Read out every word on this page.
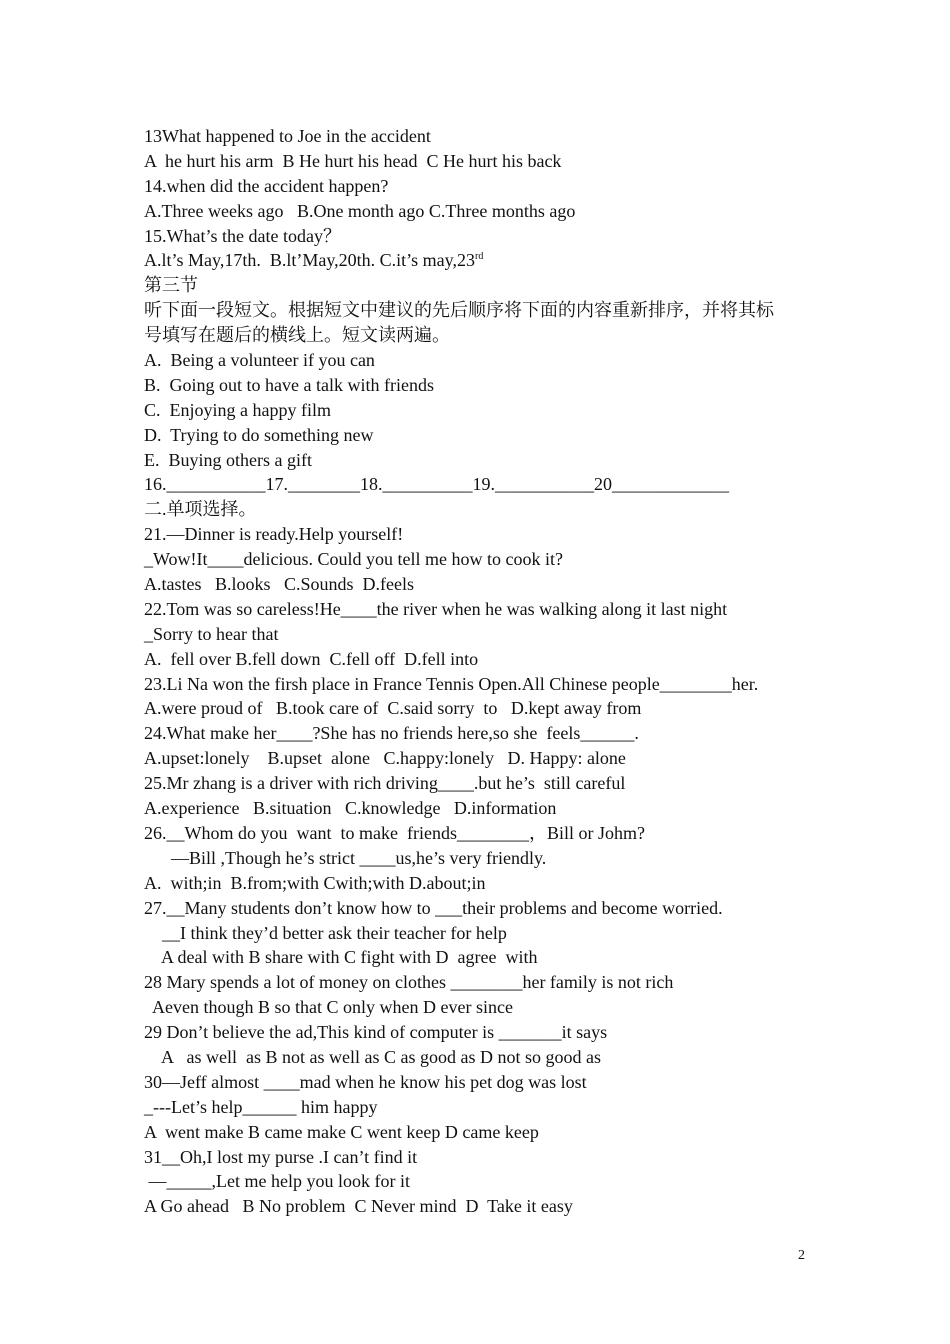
13What happened to Joe in the accident
A  he hurt his arm  B He hurt his head  C He hurt his back
14.when did the accident happen?
A.Three weeks ago   B.One month ago C.Three months ago
15.What’s the date today？
A.lt’s May,17th.  B.lt’May,20th. C.it’s may,23rd
第三节
听下面一段短文。根据短文中建议的先后顺序将下面的内容重新排序，并将其标
号填写在题后的横线上。短文读两遍。
A.  Being a volunteer if you can
B.  Going out to have a talk with friends
C.  Enjoying a happy film
D.  Trying to do something new
E.  Buying others a gift
16.___________17.________18.__________19.___________20_____________
二.单项选择。
21.—Dinner is ready.Help yourself!
_Wow!It____delicious. Could you tell me how to cook it?
A.tastes   B.looks   C.Sounds  D.feels
22.Tom was so careless!He____the river when he was walking along it last night
_Sorry to hear that
A.  fell over B.fell down  C.fell off  D.fell into
23.Li Na won the firsh place in France Tennis Open.All Chinese people________her.
A.were proud of   B.took care of  C.said sorry  to   D.kept away from
24.What make her____?She has no friends here,so she  feels______.
A.upset:lonely    B.upset  alone   C.happy:lonely   D. Happy: alone
25.Mr zhang is a driver with rich driving____.but he’s  still careful
A.experience   B.situation   C.knowledge   D.information
26.__Whom do you  want  to make  friends________，Bill or Johm?
—Bill ,Though he’s strict ____us,he’s very friendly.
A.  with;in  B.from;with Cwith;with D.about;in
27.__Many students don’t know how to ___their problems and become worried.
__I think they’d better ask their teacher for help
A deal with B share with C fight with D  agree  with
28 Mary spends a lot of money on clothes ________her family is not rich
Aeven though B so that C only when D ever since
29 Don’t believe the ad,This kind of computer is _______it says
A   as well  as B not as well as C as good as D not so good as
30—Jeff almost ____mad when he know his pet dog was lost
_---Let’s help______ him happy
A  went make B came make C went keep D came keep
31__Oh,I lost my purse .I can’t find it
—_____,Let me help you look for it
A Go ahead   B No problem  C Never mind  D  Take it easy
2
